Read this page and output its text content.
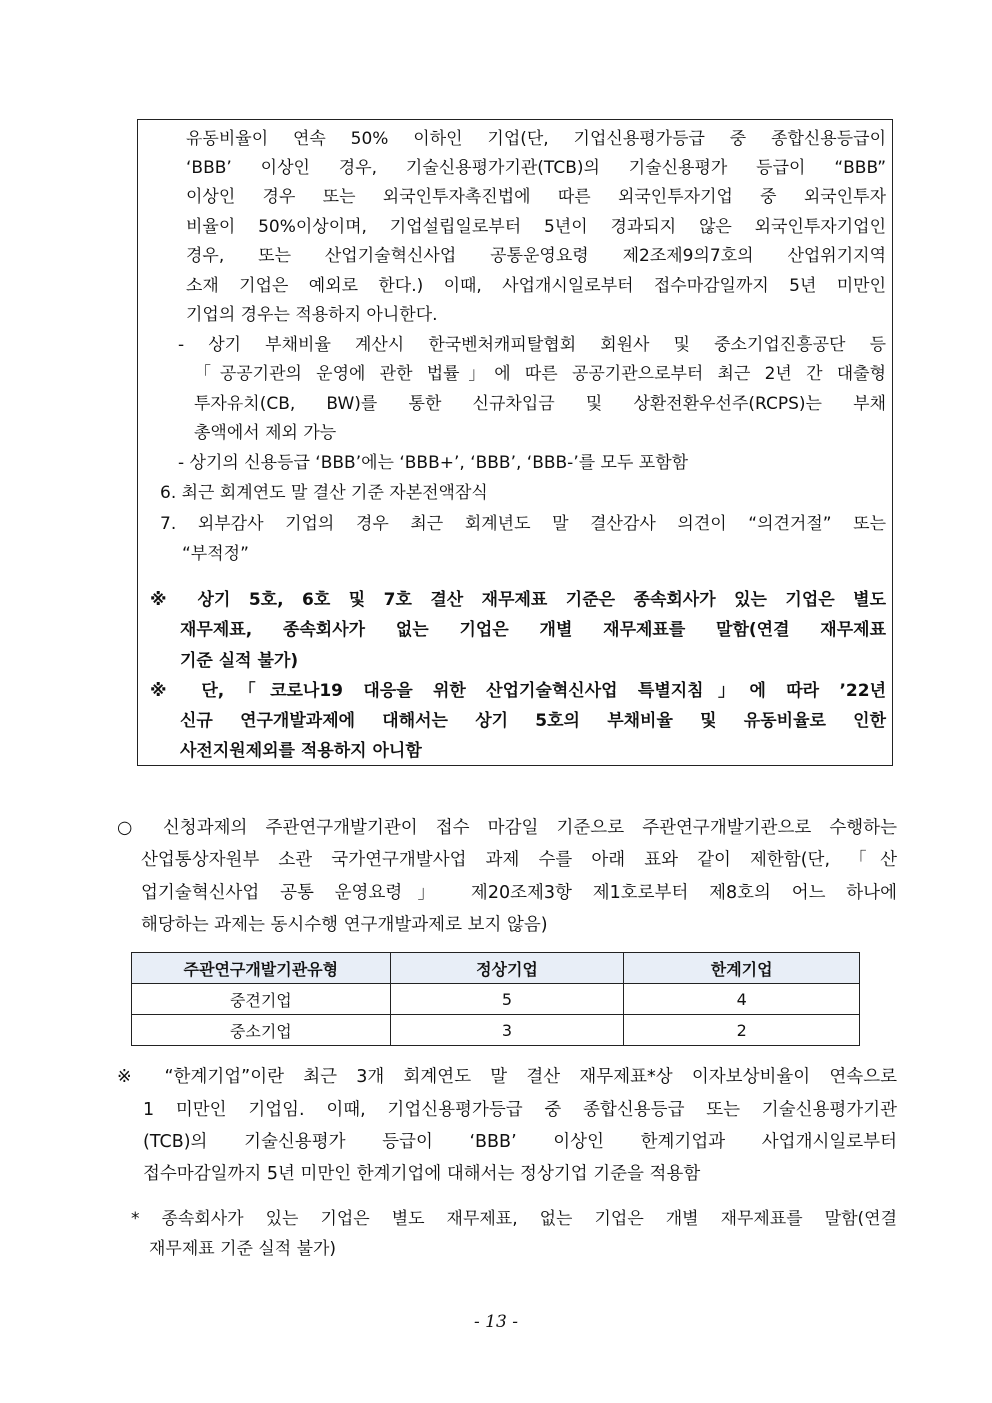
유동비율이 연속 50% 이하인 기업(단, 기업신용평가등급 중 종합신용등급이
‘BBB’ 이상인 경우, 기술신용평가기관(TCB)의 기술신용평가 등급이 “BBB”
이상인 경우 또는 외국인투자촉진법에 따른 외국인투자기업 중 외국인투자
비율이 50%이상이며, 기업설립일로부터 5년이 경과되지 않은 외국인투자기업인
경우, 또는 산업기술혁신사업 공통운영요령 제2조제9의7호의 산업위기지역
소재 기업은 예외로 한다.) 이때, 사업개시일로부터 접수마감일까지 5년 미만인
기업의 경우는 적용하지 아니한다.
- 상기 부채비율 계산시 한국벤처캐피탈협회 회원사 및 중소기업진흥공단 등
「공공기관의 운영에 관한 법률」에 따른 공공기관으로부터 최근 2년 간 대출형
투자유치(CB, BW)를 통한 신규차입금 및 상환전환우선주(RCPS)는 부채
총액에서 제외 가능
- 상기의 신용등급 ‘BBB’에는 ‘BBB+’, ‘BBB’, ‘BBB-’를 모두 포함함
6. 최근 회계연도 말 결산 기준 자본전액잠식
7. 외부감사 기업의 경우 최근 회계년도 말 결산감사 의견이 “의견거절” 또는
“부적정”
※ 상기 5호, 6호 및 7호 결산 재무제표 기준은 종속회사가 있는 기업은 별도
재무제표, 종속회사가 없는 기업은 개별 재무제표를 말함(연결 재무제표
기준 실적 불가)
※ 단,「코로나19 대응을 위한 산업기술혁신사업 특별지침」에 따라 ’22년
신규 연구개발과제에 대해서는 상기 5호의 부채비율 및 유동비율로 인한
사전지원제외를 적용하지 아니함
○ 신청과제의 주관연구개발기관이 접수 마감일 기준으로 주관연구개발기관으로 수행하는
산업통상자원부 소관 국가연구개발사업 과제 수를 아래 표와 같이 제한함(단, 「산
업기술혁신사업 공통 운영요령」 제20조제3항 제1호로부터 제8호의 어느 하나에
해당하는 과제는 동시수행 연구개발과제로 보지 않음)
주관연구개발기관유형	정상기업	한계기업
중견기업	5	4
중소기업	3	2
※ “한계기업”이란 최근 3개 회계연도 말 결산 재무제표*상 이자보상비율이 연속으로
1 미만인 기업임. 이때, 기업신용평가등급 중 종합신용등급 또는 기술신용평가기관
(TCB)의 기술신용평가 등급이 ‘BBB’ 이상인 한계기업과 사업개시일로부터
접수마감일까지 5년 미만인 한계기업에 대해서는 정상기업 기준을 적용함
* 종속회사가 있는 기업은 별도 재무제표, 없는 기업은 개별 재무제표를 말함(연결
재무제표 기준 실적 불가)
- 13 -
